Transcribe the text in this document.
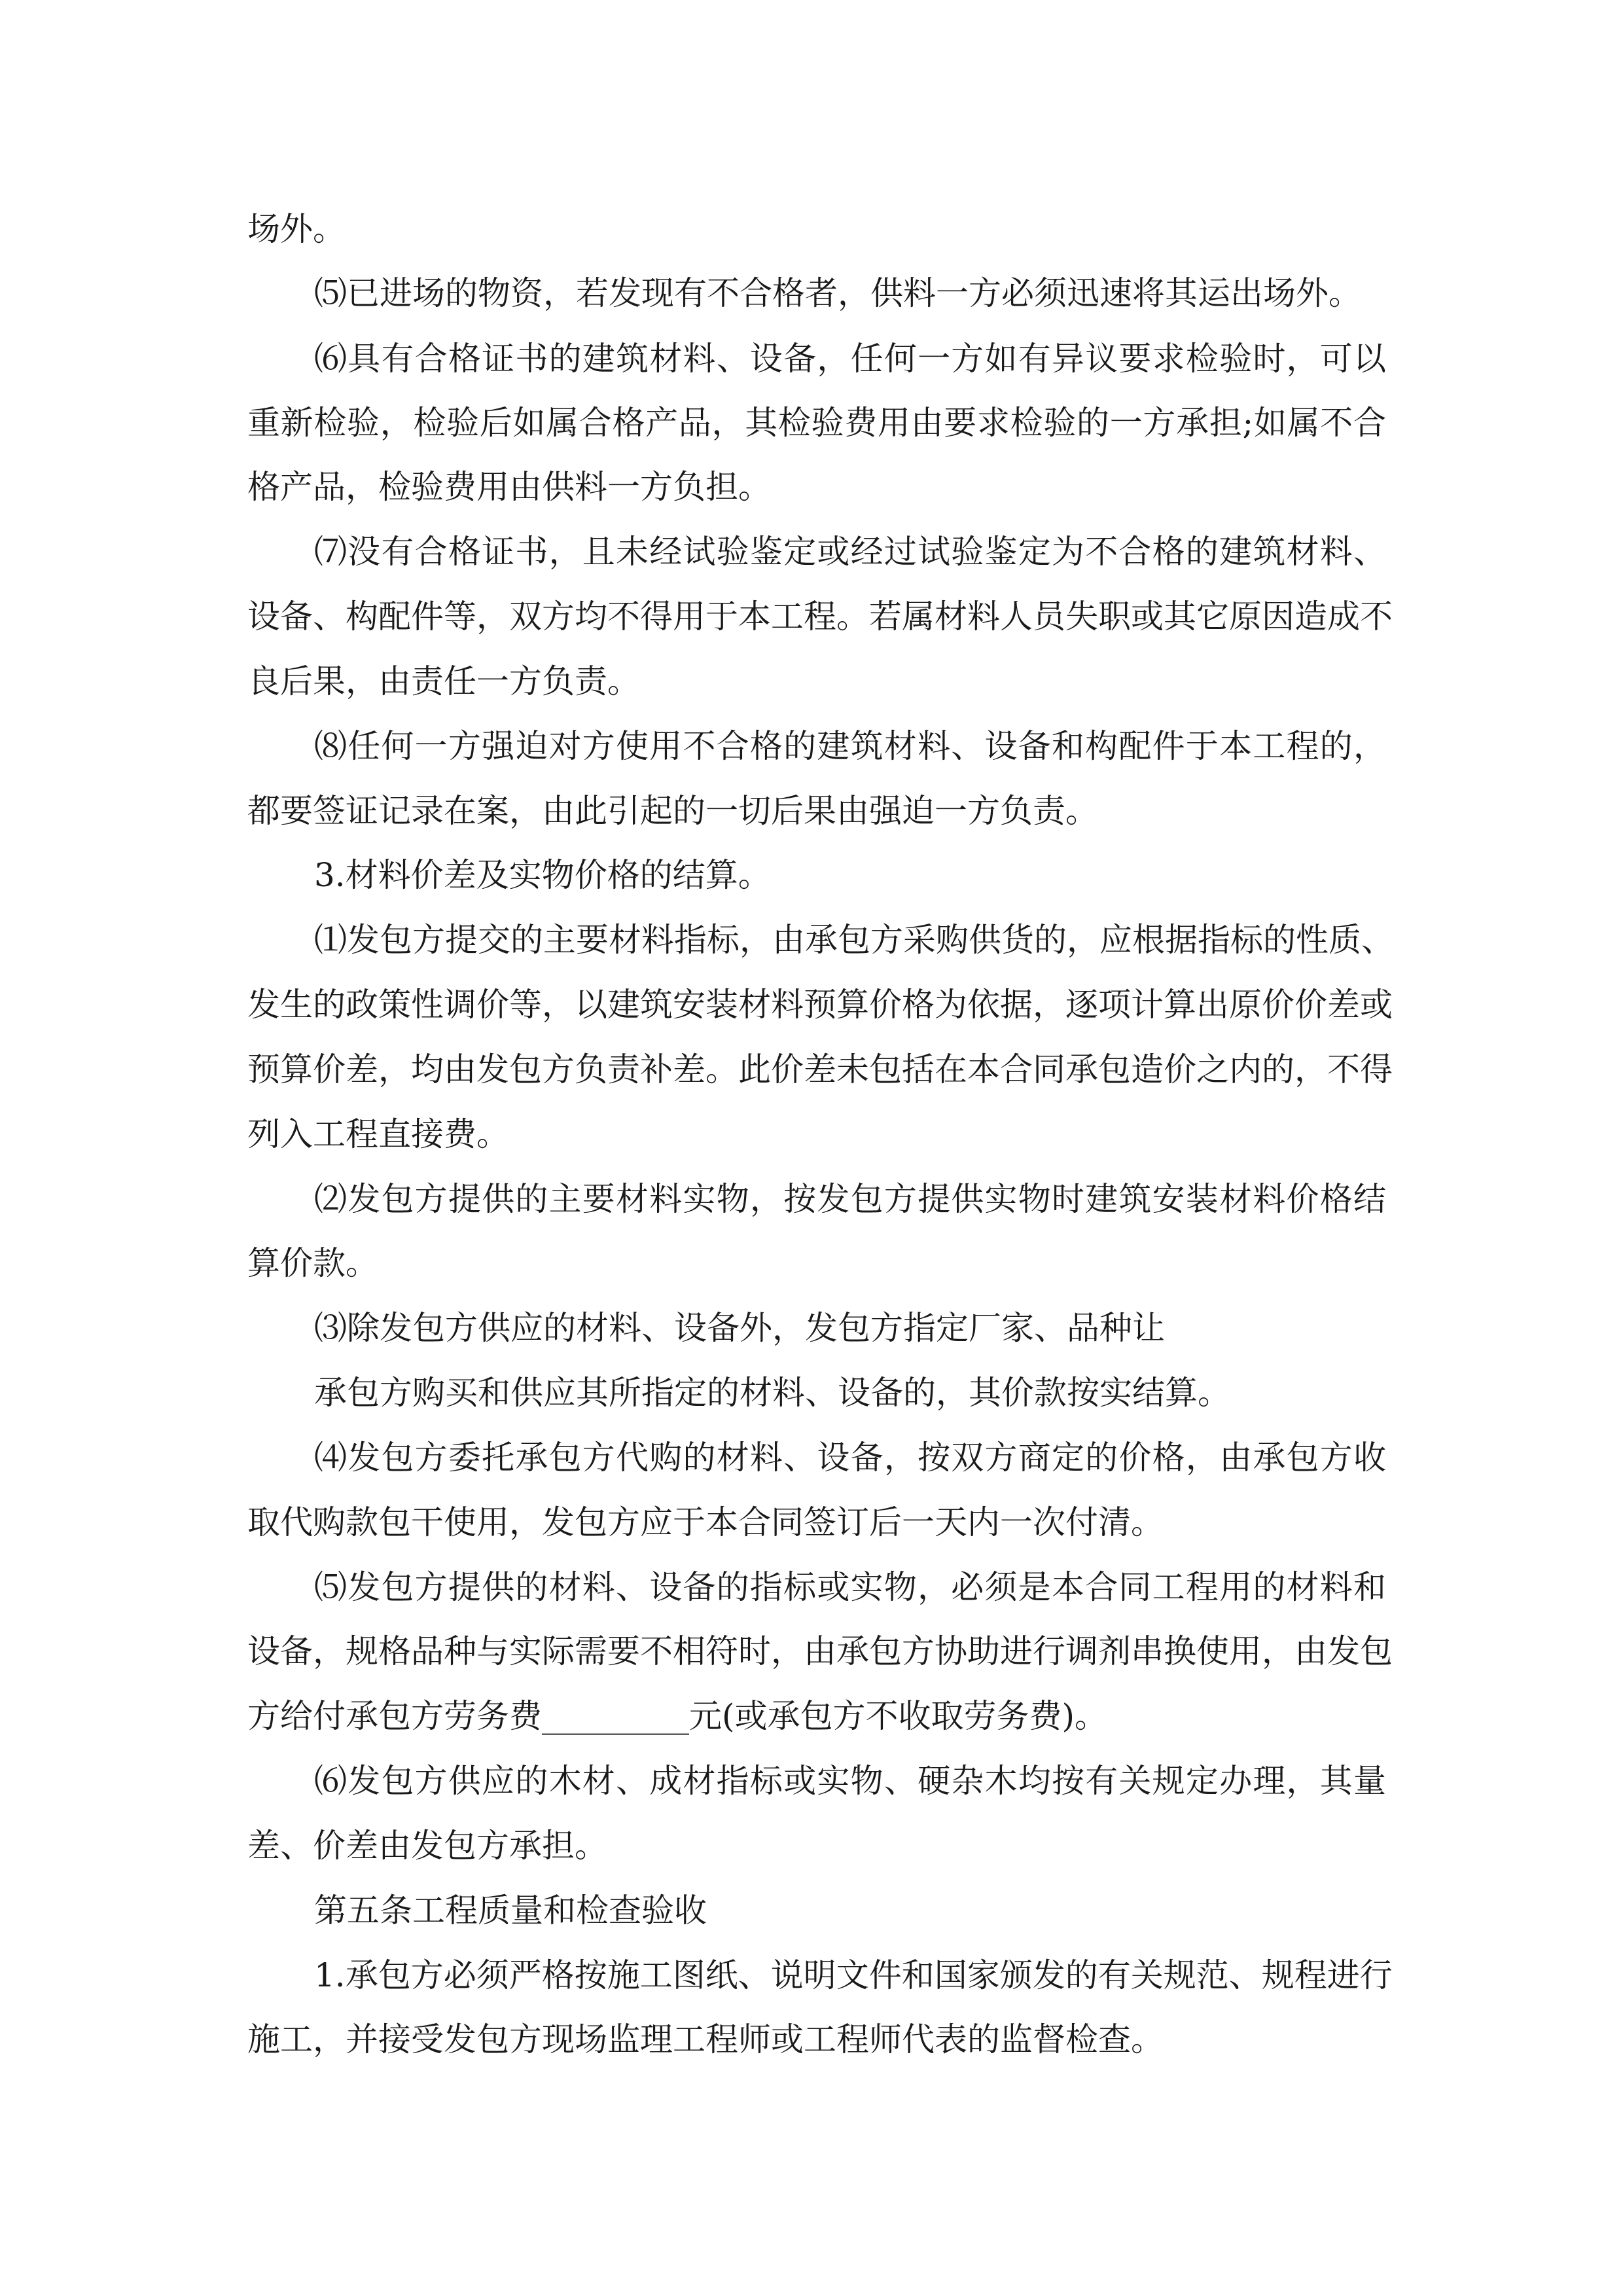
场外。
⑸已进场的物资，若发现有不合格者，供料一方必须迅速将其运出场外。
⑹具有合格证书的建筑材料、设备，任何一方如有异议要求检验时，可以
重新检验，检验后如属合格产品，其检验费用由要求检验的一方承担;如属不合
格产品，检验费用由供料一方负担。
⑺没有合格证书，且未经试验鉴定或经过试验鉴定为不合格的建筑材料、
设备、构配件等，双方均不得用于本工程。若属材料人员失职或其它原因造成不
良后果，由责任一方负责。
⑻任何一方强迫对方使用不合格的建筑材料、设备和构配件于本工程的，
都要签证记录在案，由此引起的一切后果由强迫一方负责。
3.材料价差及实物价格的结算。
⑴发包方提交的主要材料指标，由承包方采购供货的，应根据指标的性质、
发生的政策性调价等，以建筑安装材料预算价格为依据，逐项计算出原价价差或
预算价差，均由发包方负责补差。此价差未包括在本合同承包造价之内的，不得
列入工程直接费。
⑵发包方提供的主要材料实物，按发包方提供实物时建筑安装材料价格结
算价款。
⑶除发包方供应的材料、设备外，发包方指定厂家、品种让
承包方购买和供应其所指定的材料、设备的，其价款按实结算。
⑷发包方委托承包方代购的材料、设备，按双方商定的价格，由承包方收
取代购款包干使用，发包方应于本合同签订后一天内一次付清。
⑸发包方提供的材料、设备的指标或实物，必须是本合同工程用的材料和
设备，规格品种与实际需要不相符时，由承包方协助进行调剂串换使用，由发包
方给付承包方劳务费_________元(或承包方不收取劳务费)。
⑹发包方供应的木材、成材指标或实物、硬杂木均按有关规定办理，其量
差、价差由发包方承担。
第五条工程质量和检查验收
1.承包方必须严格按施工图纸、说明文件和国家颁发的有关规范、规程进行
施工，并接受发包方现场监理工程师或工程师代表的监督检查。
